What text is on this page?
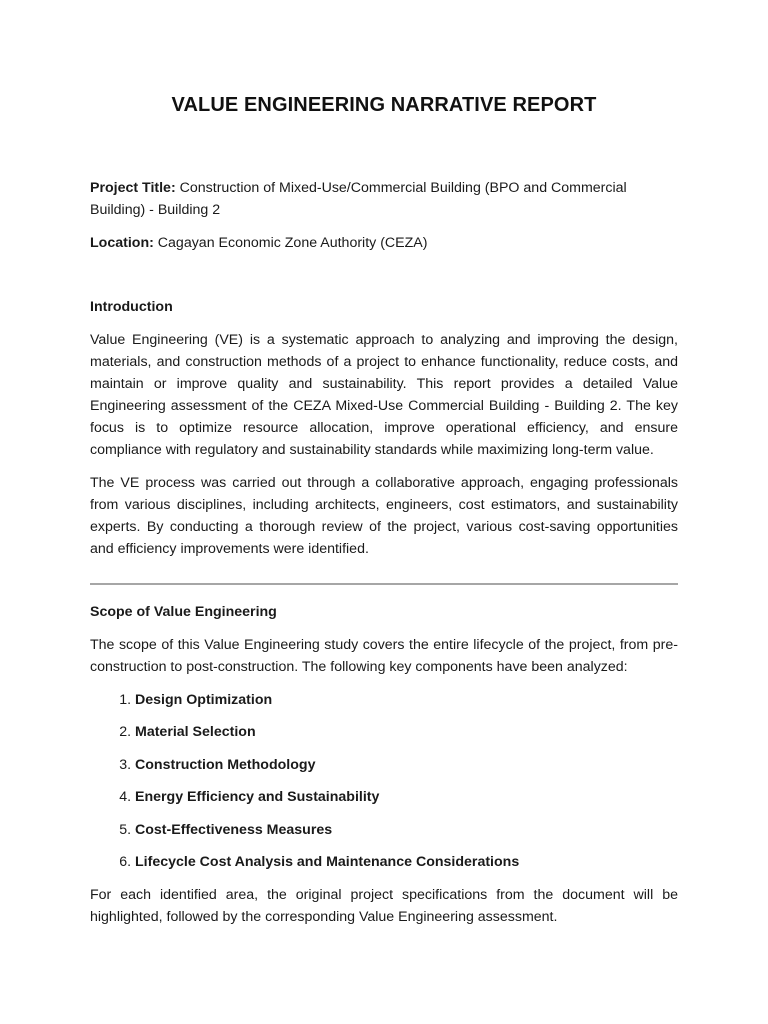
VALUE ENGINEERING NARRATIVE REPORT

Project Title: Construction of Mixed-Use/Commercial Building (BPO and Commercial Building) - Building 2

Location: Cagayan Economic Zone Authority (CEZA)

Introduction

Value Engineering (VE) is a systematic approach to analyzing and improving the design, materials, and construction methods of a project to enhance functionality, reduce costs, and maintain or improve quality and sustainability. This report provides a detailed Value Engineering assessment of the CEZA Mixed-Use Commercial Building - Building 2. The key focus is to optimize resource allocation, improve operational efficiency, and ensure compliance with regulatory and sustainability standards while maximizing long-term value.

The VE process was carried out through a collaborative approach, engaging professionals from various disciplines, including architects, engineers, cost estimators, and sustainability experts. By conducting a thorough review of the project, various cost-saving opportunities and efficiency improvements were identified.

Scope of Value Engineering

The scope of this Value Engineering study covers the entire lifecycle of the project, from pre-construction to post-construction. The following key components have been analyzed:

1. Design Optimization
2. Material Selection
3. Construction Methodology
4. Energy Efficiency and Sustainability
5. Cost-Effectiveness Measures
6. Lifecycle Cost Analysis and Maintenance Considerations

For each identified area, the original project specifications from the document will be highlighted, followed by the corresponding Value Engineering assessment.
